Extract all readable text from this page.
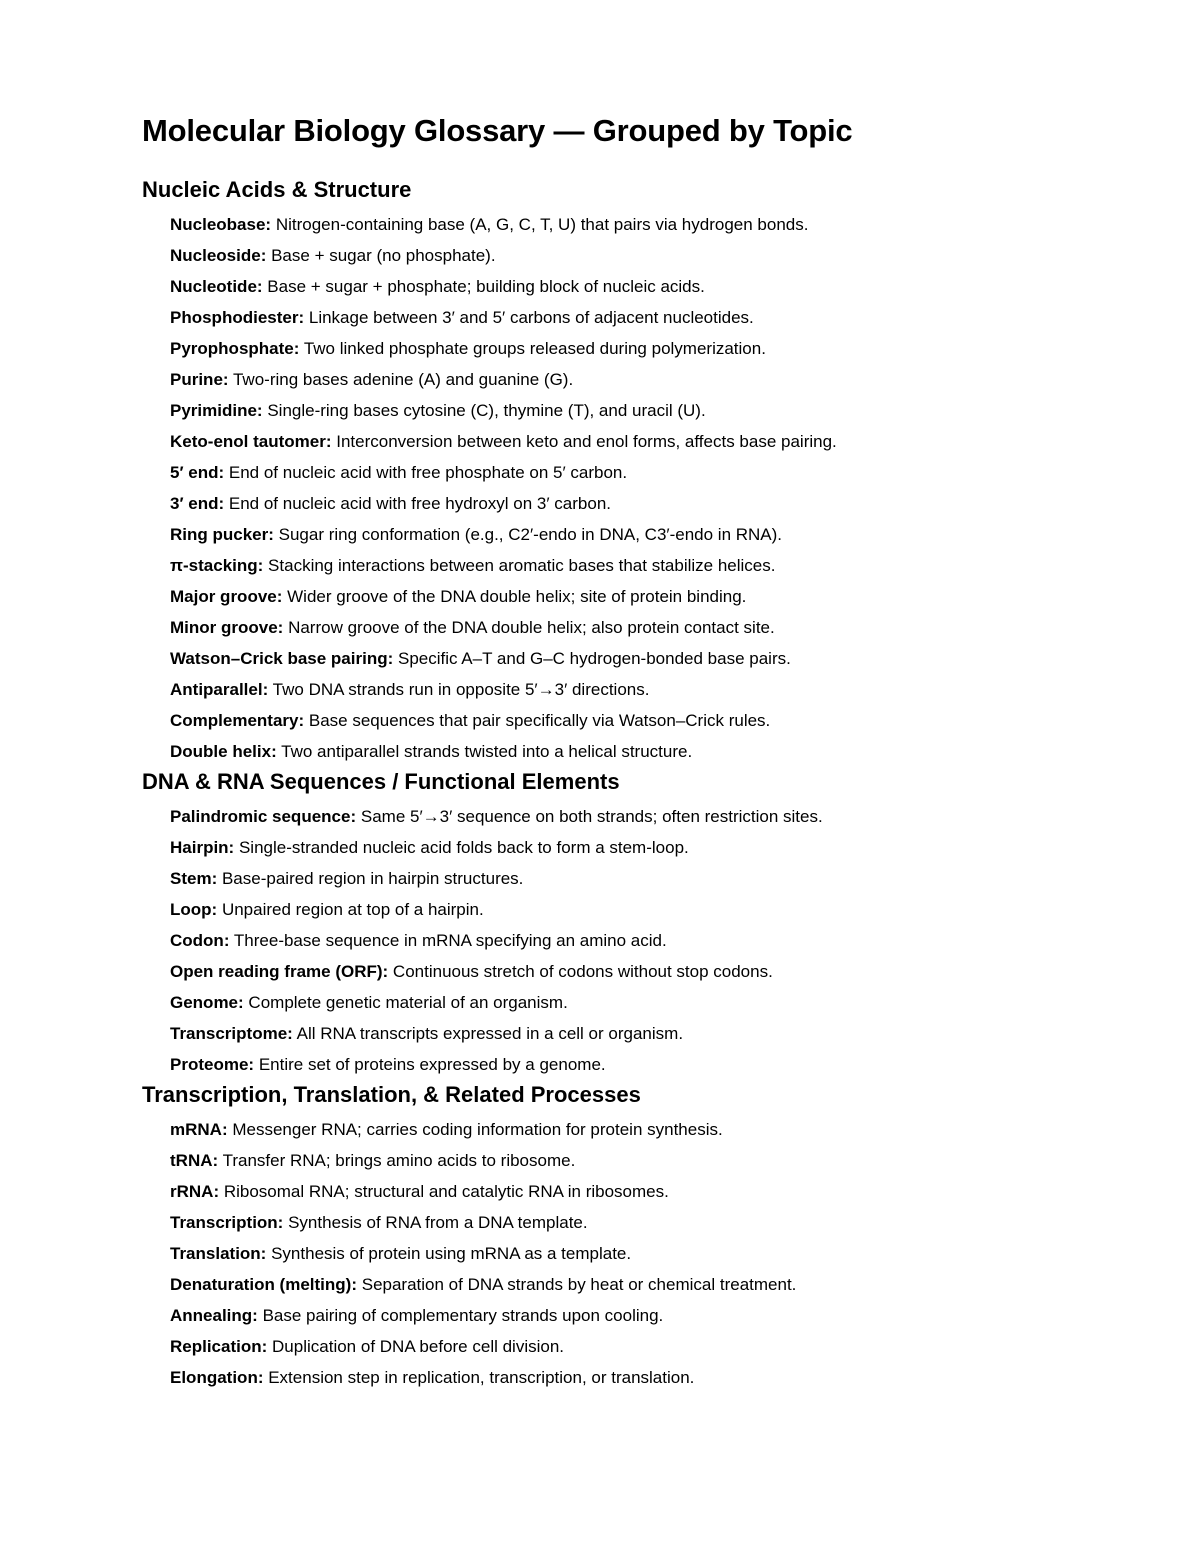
Molecular Biology Glossary — Grouped by Topic
Nucleic Acids & Structure
Nucleobase: Nitrogen-containing base (A, G, C, T, U) that pairs via hydrogen bonds.
Nucleoside: Base + sugar (no phosphate).
Nucleotide: Base + sugar + phosphate; building block of nucleic acids.
Phosphodiester: Linkage between 3′ and 5′ carbons of adjacent nucleotides.
Pyrophosphate: Two linked phosphate groups released during polymerization.
Purine: Two-ring bases adenine (A) and guanine (G).
Pyrimidine: Single-ring bases cytosine (C), thymine (T), and uracil (U).
Keto-enol tautomer: Interconversion between keto and enol forms, affects base pairing.
5′ end: End of nucleic acid with free phosphate on 5′ carbon.
3′ end: End of nucleic acid with free hydroxyl on 3′ carbon.
Ring pucker: Sugar ring conformation (e.g., C2′-endo in DNA, C3′-endo in RNA).
π-stacking: Stacking interactions between aromatic bases that stabilize helices.
Major groove: Wider groove of the DNA double helix; site of protein binding.
Minor groove: Narrow groove of the DNA double helix; also protein contact site.
Watson–Crick base pairing: Specific A–T and G–C hydrogen-bonded base pairs.
Antiparallel: Two DNA strands run in opposite 5′→3′ directions.
Complementary: Base sequences that pair specifically via Watson–Crick rules.
Double helix: Two antiparallel strands twisted into a helical structure.
DNA & RNA Sequences / Functional Elements
Palindromic sequence: Same 5′→3′ sequence on both strands; often restriction sites.
Hairpin: Single-stranded nucleic acid folds back to form a stem-loop.
Stem: Base-paired region in hairpin structures.
Loop: Unpaired region at top of a hairpin.
Codon: Three-base sequence in mRNA specifying an amino acid.
Open reading frame (ORF): Continuous stretch of codons without stop codons.
Genome: Complete genetic material of an organism.
Transcriptome: All RNA transcripts expressed in a cell or organism.
Proteome: Entire set of proteins expressed by a genome.
Transcription, Translation, & Related Processes
mRNA: Messenger RNA; carries coding information for protein synthesis.
tRNA: Transfer RNA; brings amino acids to ribosome.
rRNA: Ribosomal RNA; structural and catalytic RNA in ribosomes.
Transcription: Synthesis of RNA from a DNA template.
Translation: Synthesis of protein using mRNA as a template.
Denaturation (melting): Separation of DNA strands by heat or chemical treatment.
Annealing: Base pairing of complementary strands upon cooling.
Replication: Duplication of DNA before cell division.
Elongation: Extension step in replication, transcription, or translation.
